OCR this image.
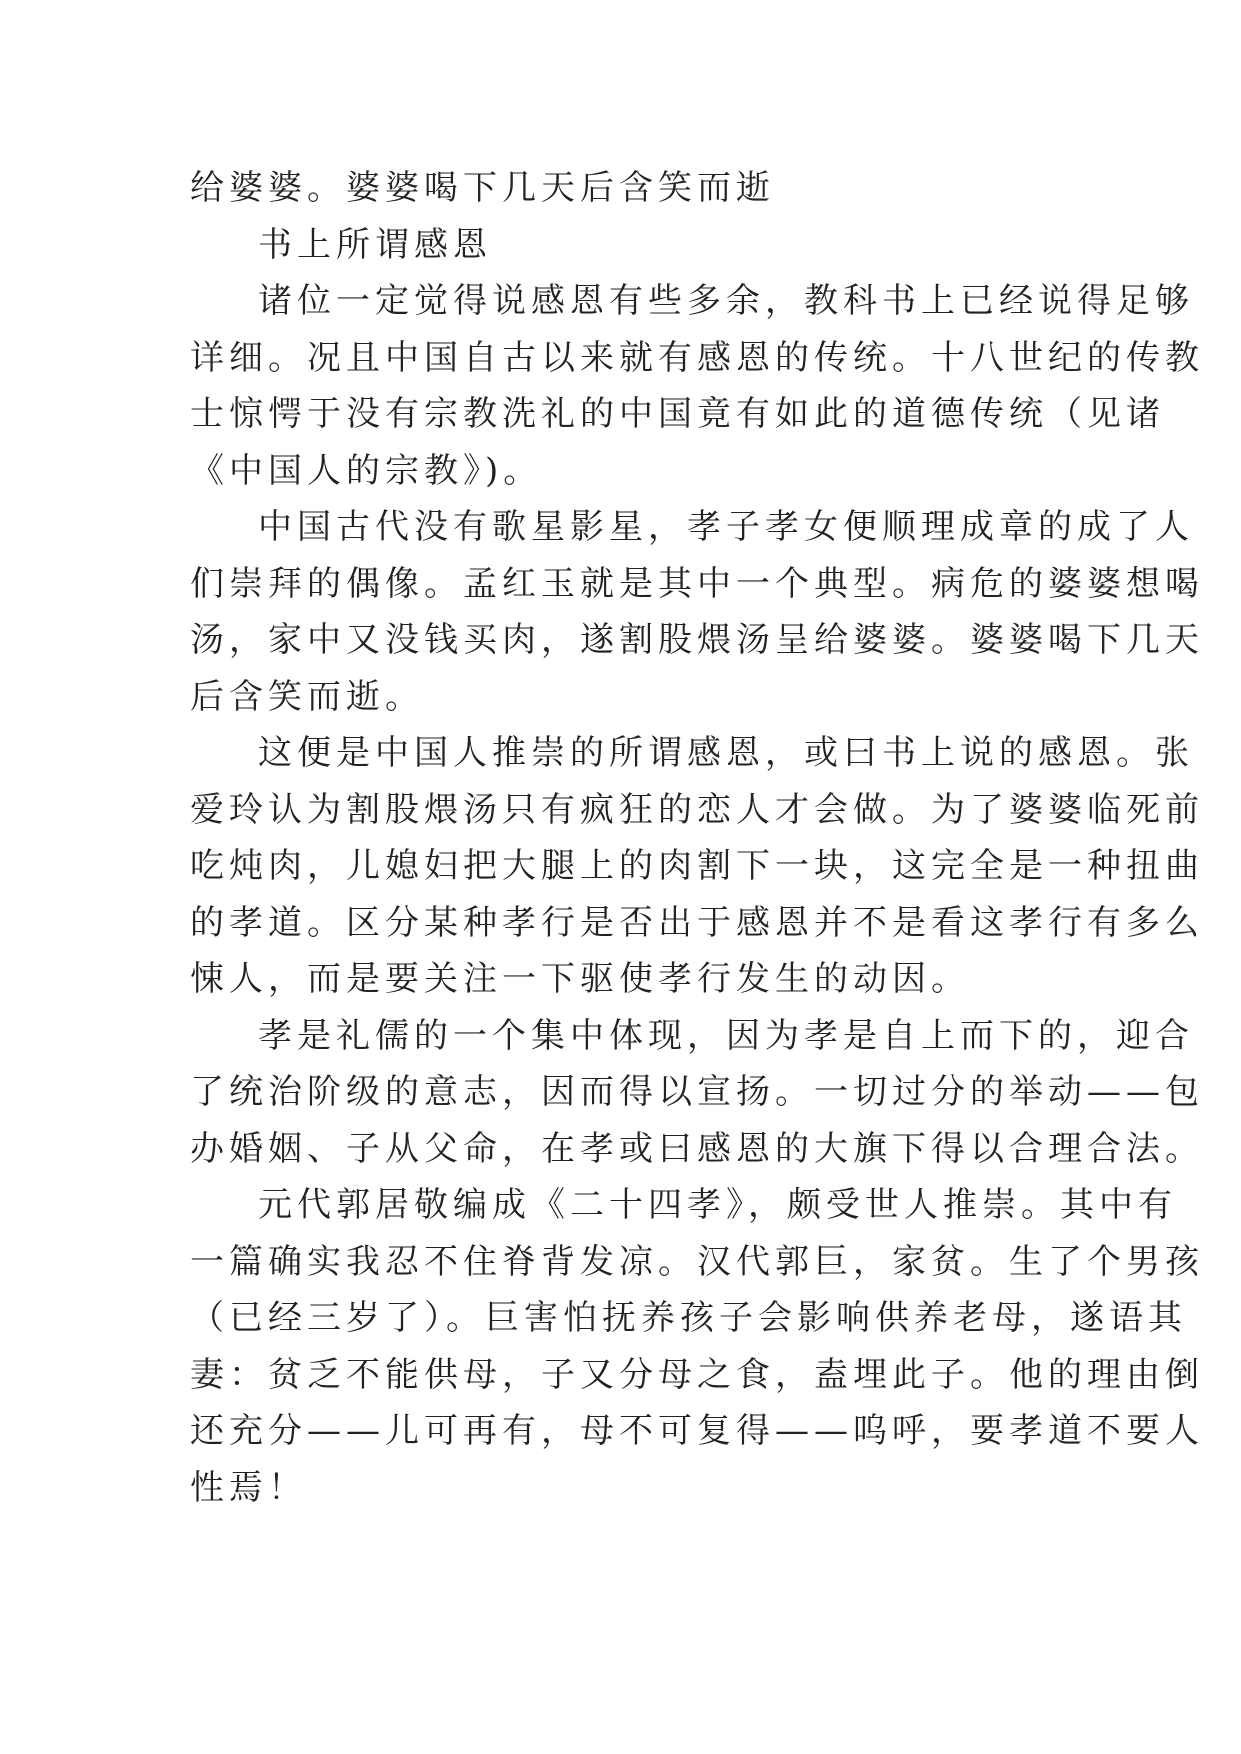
给婆婆。婆婆喝下几天后含笑而逝
书上所谓感恩
诸位一定觉得说感恩有些多余，教科书上已经说得足够
详细。况且中国自古以来就有感恩的传统。十八世纪的传教
士惊愕于没有宗教洗礼的中国竟有如此的道德传统（见诸
《中国人的宗教》)。
中国古代没有歌星影星，孝子孝女便顺理成章的成了人
们崇拜的偶像。孟红玉就是其中一个典型。病危的婆婆想喝
汤，家中又没钱买肉，遂割股煨汤呈给婆婆。婆婆喝下几天
后含笑而逝。
这便是中国人推崇的所谓感恩，或曰书上说的感恩。张
爱玲认为割股煨汤只有疯狂的恋人才会做。为了婆婆临死前
吃炖肉，儿媳妇把大腿上的肉割下一块，这完全是一种扭曲
的孝道。区分某种孝行是否出于感恩并不是看这孝行有多么
悚人，而是要关注一下驱使孝行发生的动因。
孝是礼儒的一个集中体现，因为孝是自上而下的，迎合
了统治阶级的意志，因而得以宣扬。一切过分的举动——包
办婚姻、子从父命，在孝或曰感恩的大旗下得以合理合法。
元代郭居敬编成《二十四孝》，颇受世人推崇。其中有
一篇确实我忍不住脊背发凉。汉代郭巨，家贫。生了个男孩
（已经三岁了）。巨害怕抚养孩子会影响供养老母，遂语其
妻：贫乏不能供母，子又分母之食，盍埋此子。他的理由倒
还充分——儿可再有，母不可复得——呜呼，要孝道不要人
性焉！
